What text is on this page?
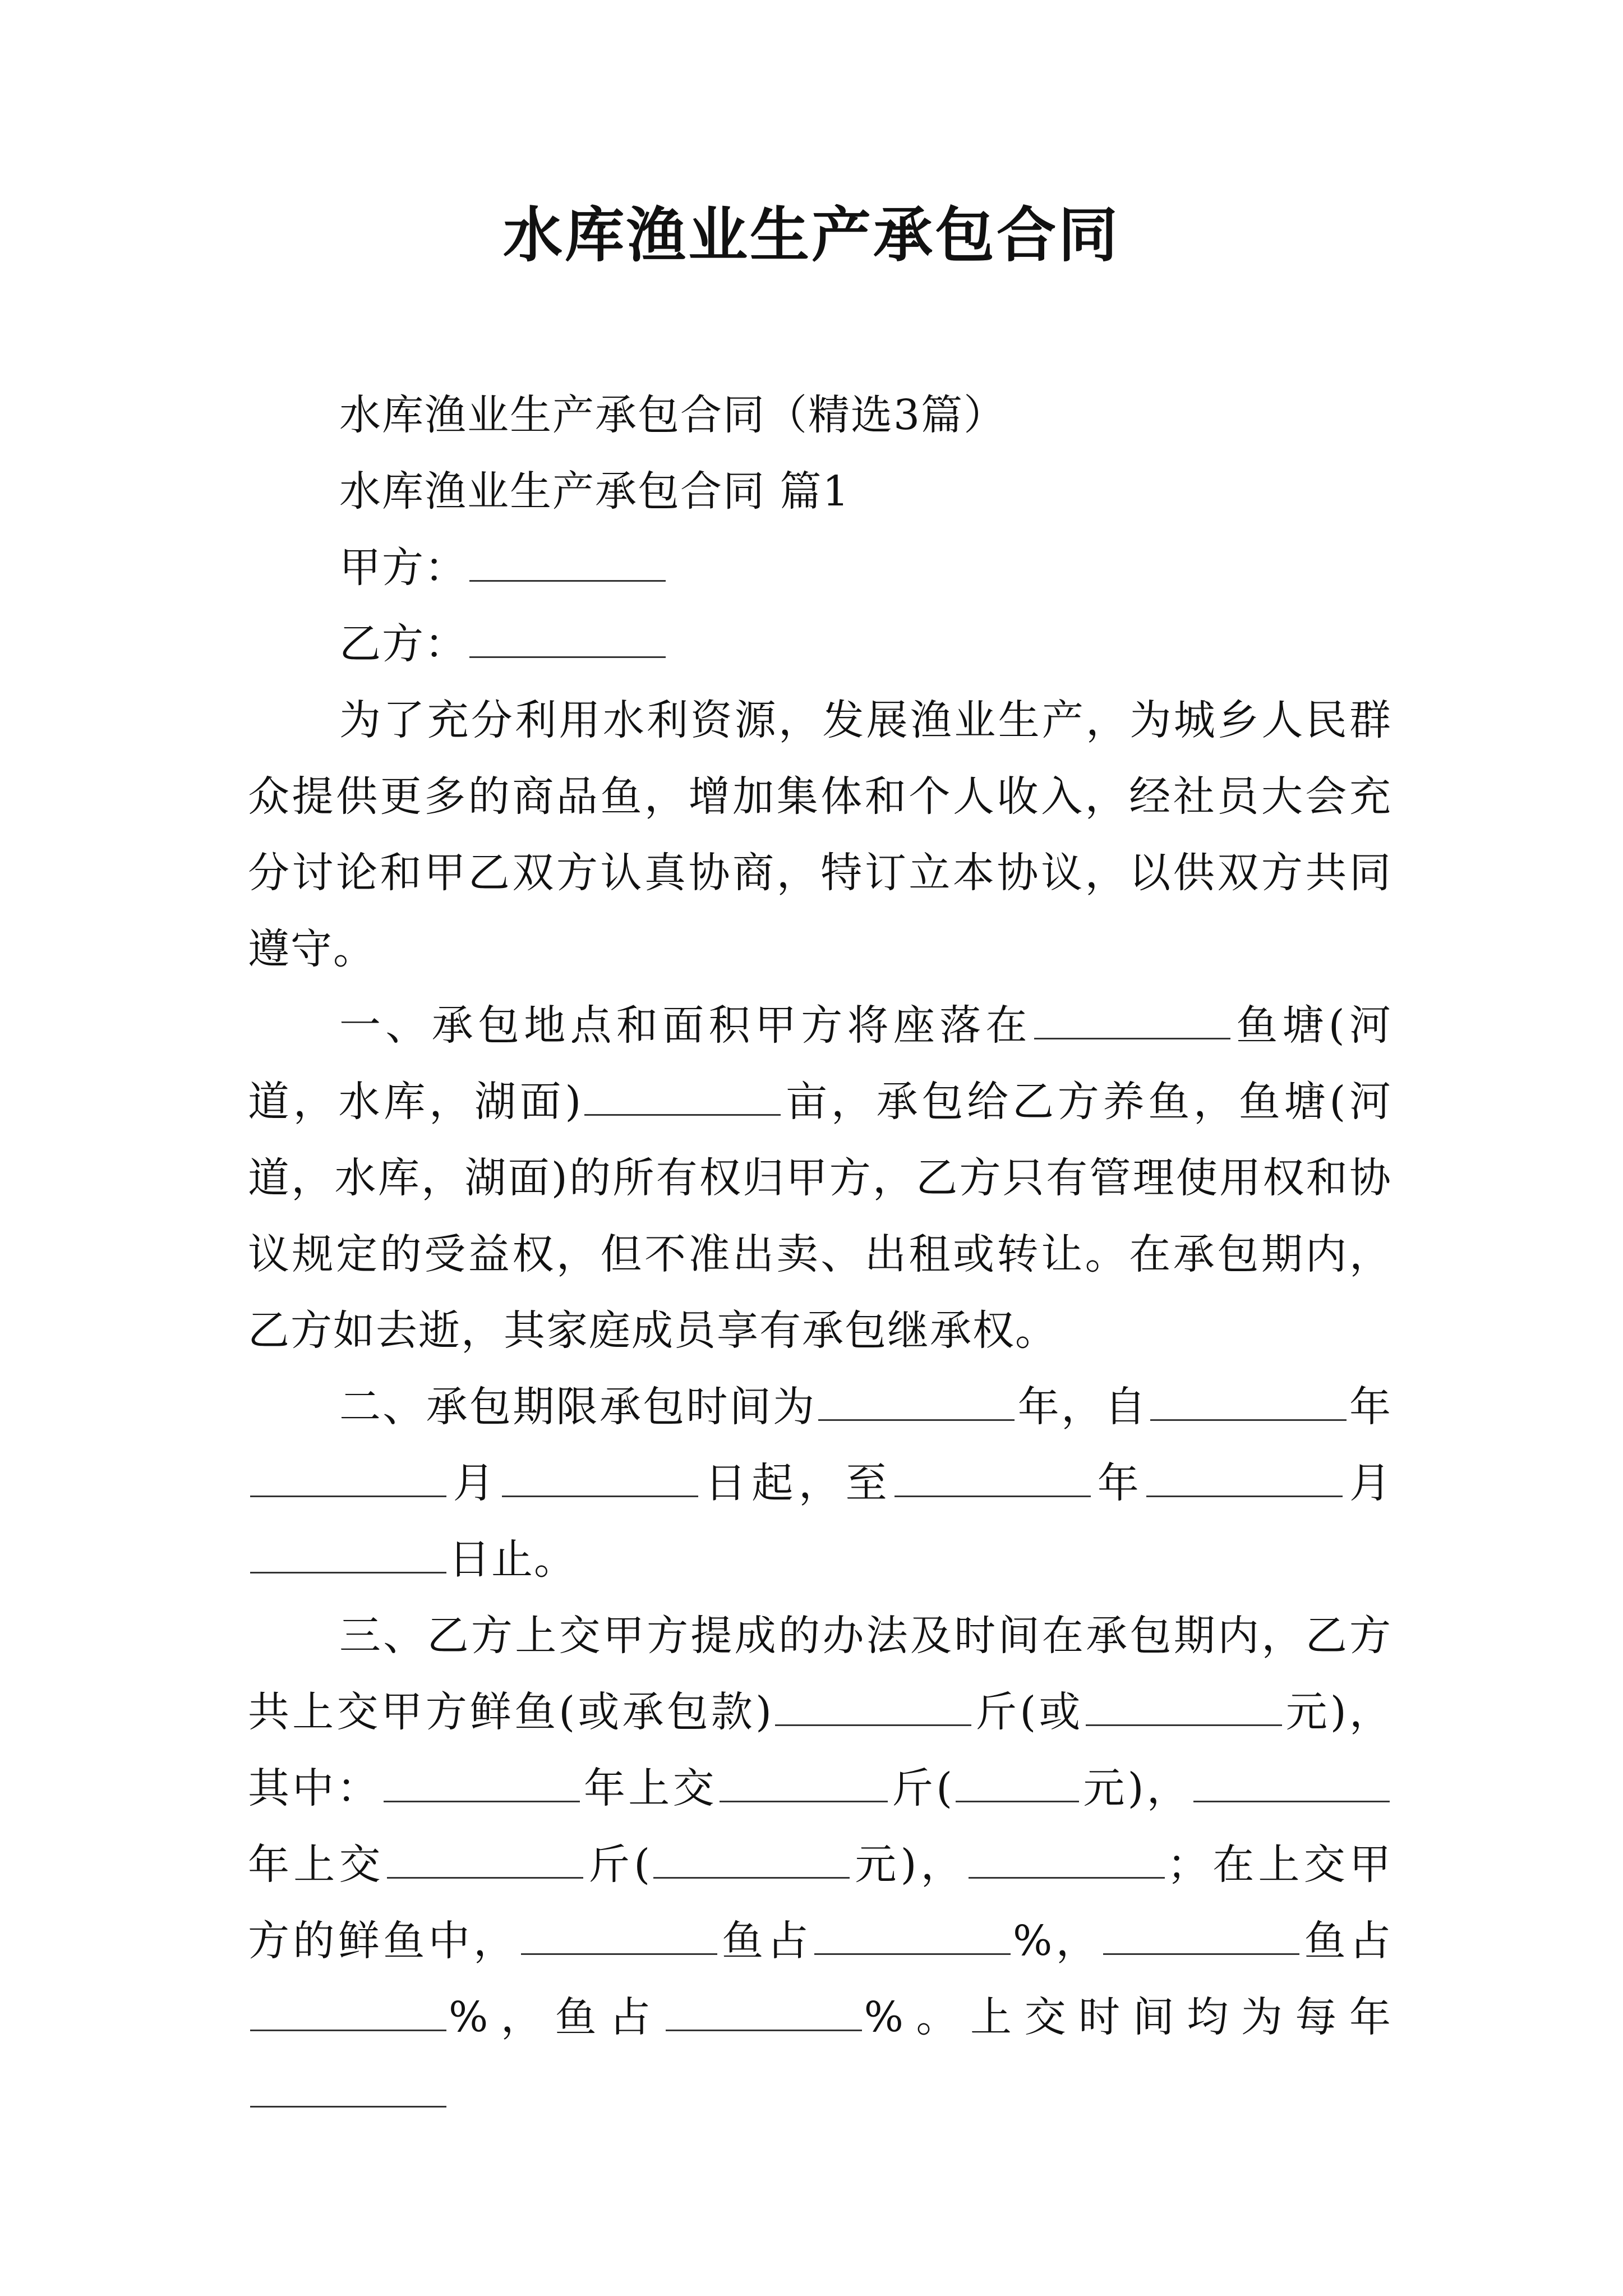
水库渔业生产承包合同

水库渔业生产承包合同（精选3篇）

水库渔业生产承包合同 篇1

甲方：

乙方：

为了充分利用水利资源，发展渔业生产，为城乡人民群众提供更多的商品鱼，增加集体和个人收入，经社员大会充分讨论和甲乙双方认真协商，特订立本协议，以供双方共同遵守。

一、承包地点和面积甲方将座落在	鱼塘(河道，水库，湖面)	亩，承包给乙方养鱼，鱼塘(河道，水库，湖面)的所有权归甲方，乙方只有管理使用权和协议规定的受益权，但不准出卖、出租或转让。在承包期内，乙方如去逝，其家庭成员享有承包继承权。

二、承包期限承包时间为	年，自	年月	日起，至	年	月日止。

三、乙方上交甲方提成的办法及时间在承包期内，乙方共上交甲方鲜鱼(或承包款)	斤(或	元)，其中：	年上交	斤(	元)，年上交	斤(	元)，	；在上交甲方的鲜鱼中，	鱼占	%，	鱼占%，鱼占	%。上交时间均为每年
